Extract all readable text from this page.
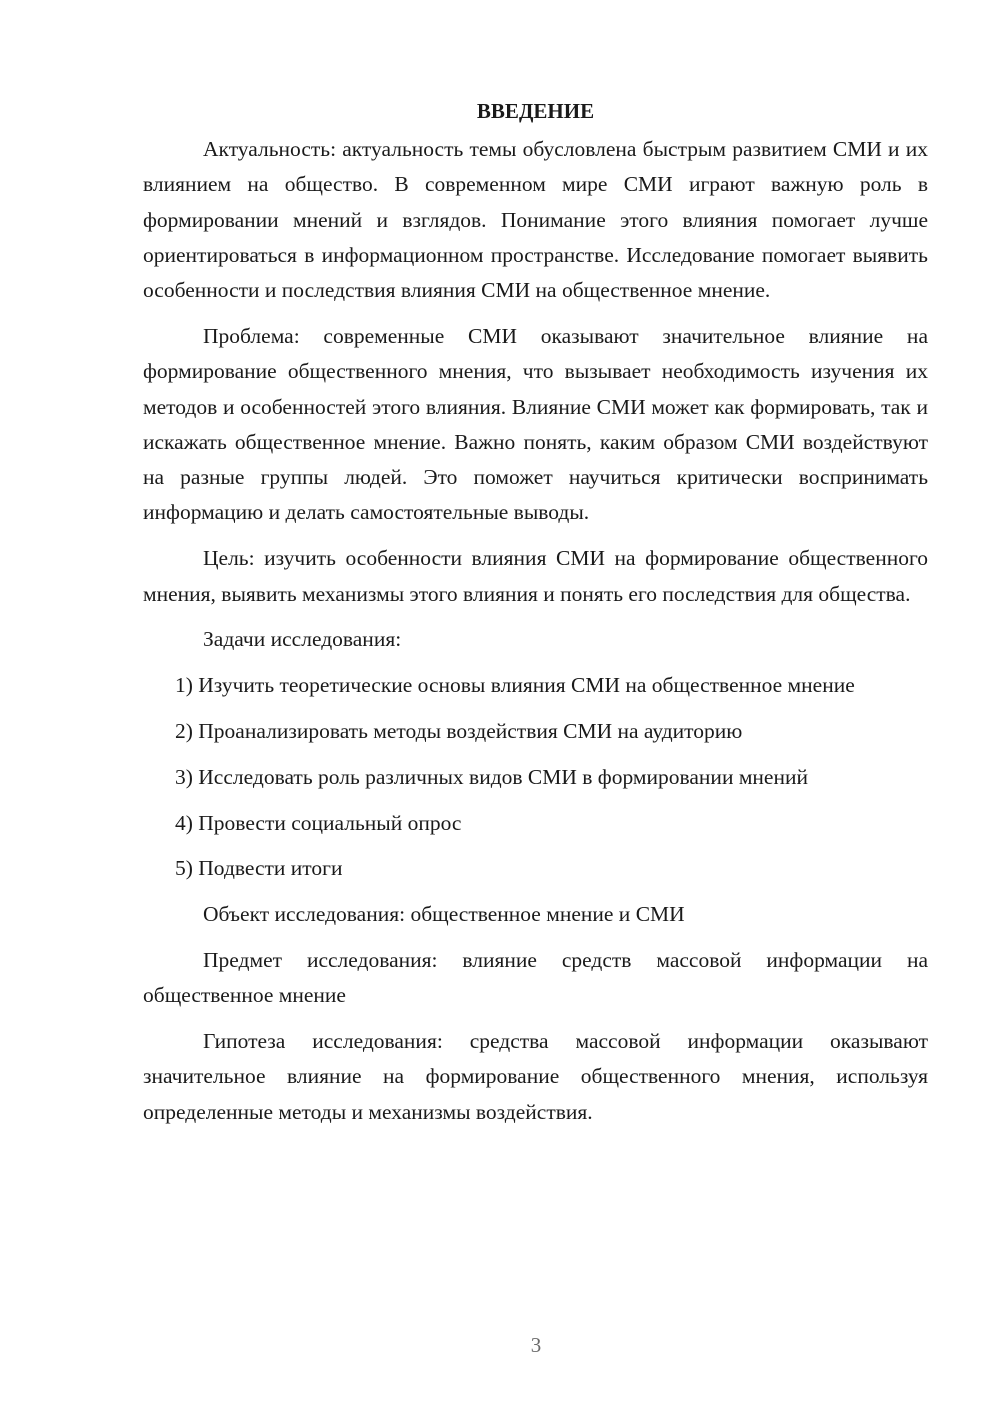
ВВЕДЕНИЕ

Актуальность: актуальность темы обусловлена быстрым развитием СМИ и их влиянием на общество. В современном мире СМИ играют важную роль в формировании мнений и взглядов. Понимание этого влияния помогает лучше ориентироваться в информационном пространстве. Исследование помогает выявить особенности и последствия влияния СМИ на общественное мнение.

Проблема: современные СМИ оказывают значительное влияние на формирование общественного мнения, что вызывает необходимость изучения их методов и особенностей этого влияния. Влияние СМИ может как формировать, так и искажать общественное мнение. Важно понять, каким образом СМИ воздействуют на разные группы людей. Это поможет научиться критически воспринимать информацию и делать самостоятельные выводы.

Цель: изучить особенности влияния СМИ на формирование общественного мнения, выявить механизмы этого влияния и понять его последствия для общества.

Задачи исследования:

1) Изучить теоретические основы влияния СМИ на общественное мнение

2) Проанализировать методы воздействия СМИ на аудиторию

3) Исследовать роль различных видов СМИ в формировании мнений

4) Провести социальный опрос

5) Подвести итоги

Объект исследования: общественное мнение и СМИ

Предмет исследования: влияние средств массовой информации на общественное мнение

Гипотеза исследования: средства массовой информации оказывают значительное влияние на формирование общественного мнения, используя определенные методы и механизмы воздействия.

3
